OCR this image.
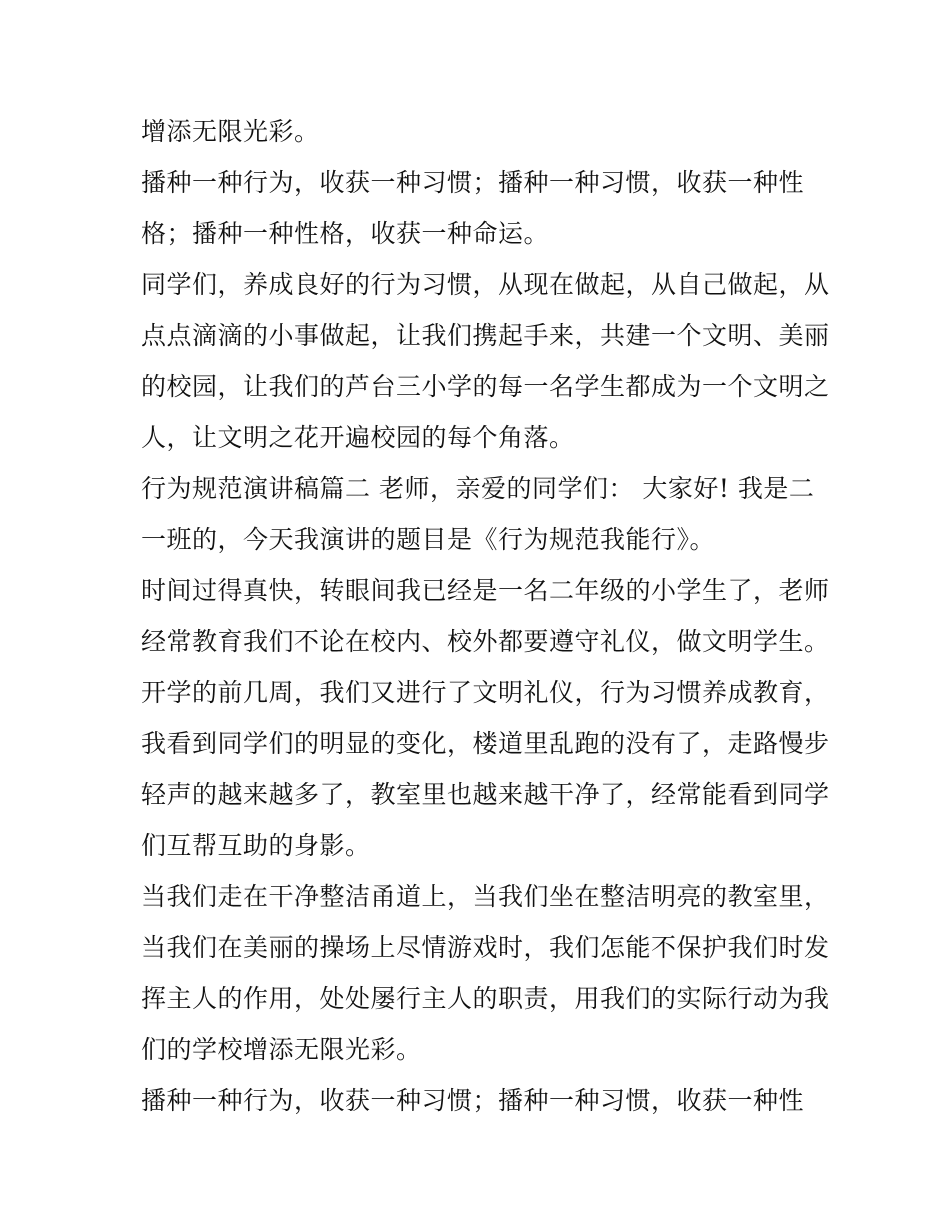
增添无限光彩。
播种一种行为，收获一种习惯；播种一种习惯，收获一种性
格；播种一种性格，收获一种命运。
同学们，养成良好的行为习惯，从现在做起，从自己做起，从
点点滴滴的小事做起，让我们携起手来，共建一个文明、美丽
的校园，让我们的芦台三小学的每一名学生都成为一个文明之
人，让文明之花开遍校园的每个角落。
行为规范演讲稿篇二 老师，亲爱的同学们： 大家好! 我是二
一班的，今天我演讲的题目是《行为规范我能行》。
时间过得真快，转眼间我已经是一名二年级的小学生了，老师
经常教育我们不论在校内、校外都要遵守礼仪，做文明学生。
开学的前几周，我们又进行了文明礼仪，行为习惯养成教育，
我看到同学们的明显的变化，楼道里乱跑的没有了，走路慢步
轻声的越来越多了，教室里也越来越干净了，经常能看到同学
们互帮互助的身影。
当我们走在干净整洁甬道上，当我们坐在整洁明亮的教室里，
当我们在美丽的操场上尽情游戏时，我们怎能不保护我们时发
挥主人的作用，处处屡行主人的职责，用我们的实际行动为我
们的学校增添无限光彩。
播种一种行为，收获一种习惯；播种一种习惯，收获一种性
